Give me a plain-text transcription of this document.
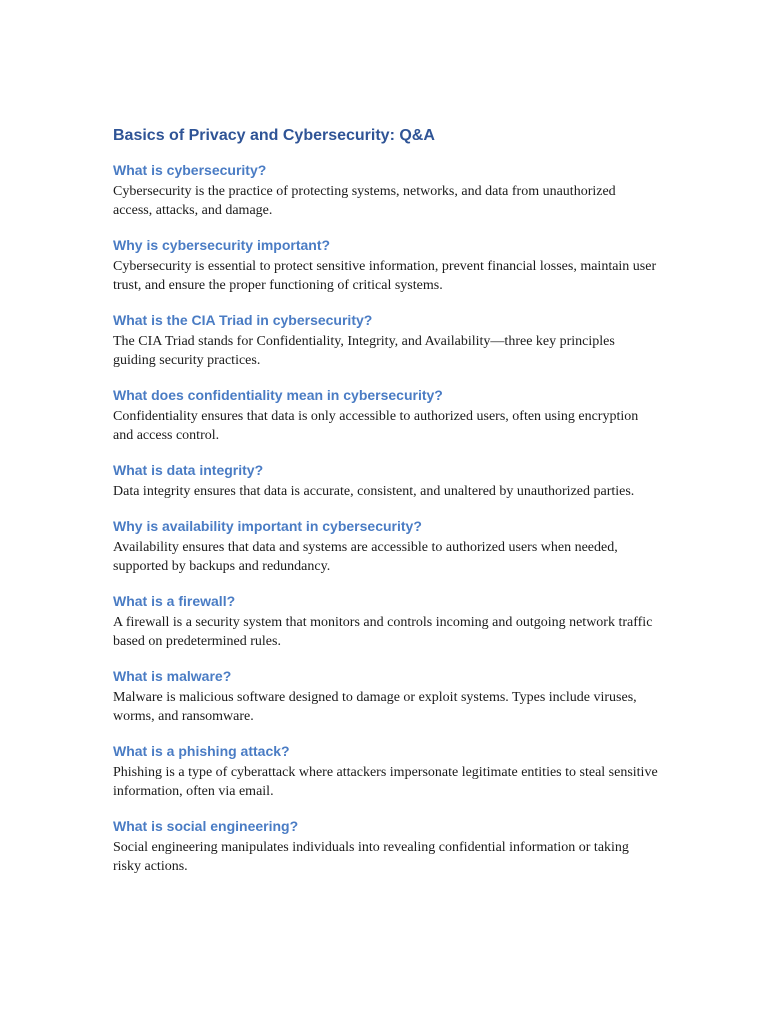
Basics of Privacy and Cybersecurity: Q&A
What is cybersecurity?

Cybersecurity is the practice of protecting systems, networks, and data from unauthorized access, attacks, and damage.

Why is cybersecurity important?

Cybersecurity is essential to protect sensitive information, prevent financial losses, maintain user trust, and ensure the proper functioning of critical systems.

What is the CIA Triad in cybersecurity?

The CIA Triad stands for Confidentiality, Integrity, and Availability—three key principles guiding security practices.

What does confidentiality mean in cybersecurity?

Confidentiality ensures that data is only accessible to authorized users, often using encryption and access control.

What is data integrity?

Data integrity ensures that data is accurate, consistent, and unaltered by unauthorized parties.

Why is availability important in cybersecurity?

Availability ensures that data and systems are accessible to authorized users when needed, supported by backups and redundancy.

What is a firewall?

A firewall is a security system that monitors and controls incoming and outgoing network traffic based on predetermined rules.

What is malware?

Malware is malicious software designed to damage or exploit systems. Types include viruses, worms, and ransomware.

What is a phishing attack?

Phishing is a type of cyberattack where attackers impersonate legitimate entities to steal sensitive information, often via email.

What is social engineering?

Social engineering manipulates individuals into revealing confidential information or taking risky actions.
